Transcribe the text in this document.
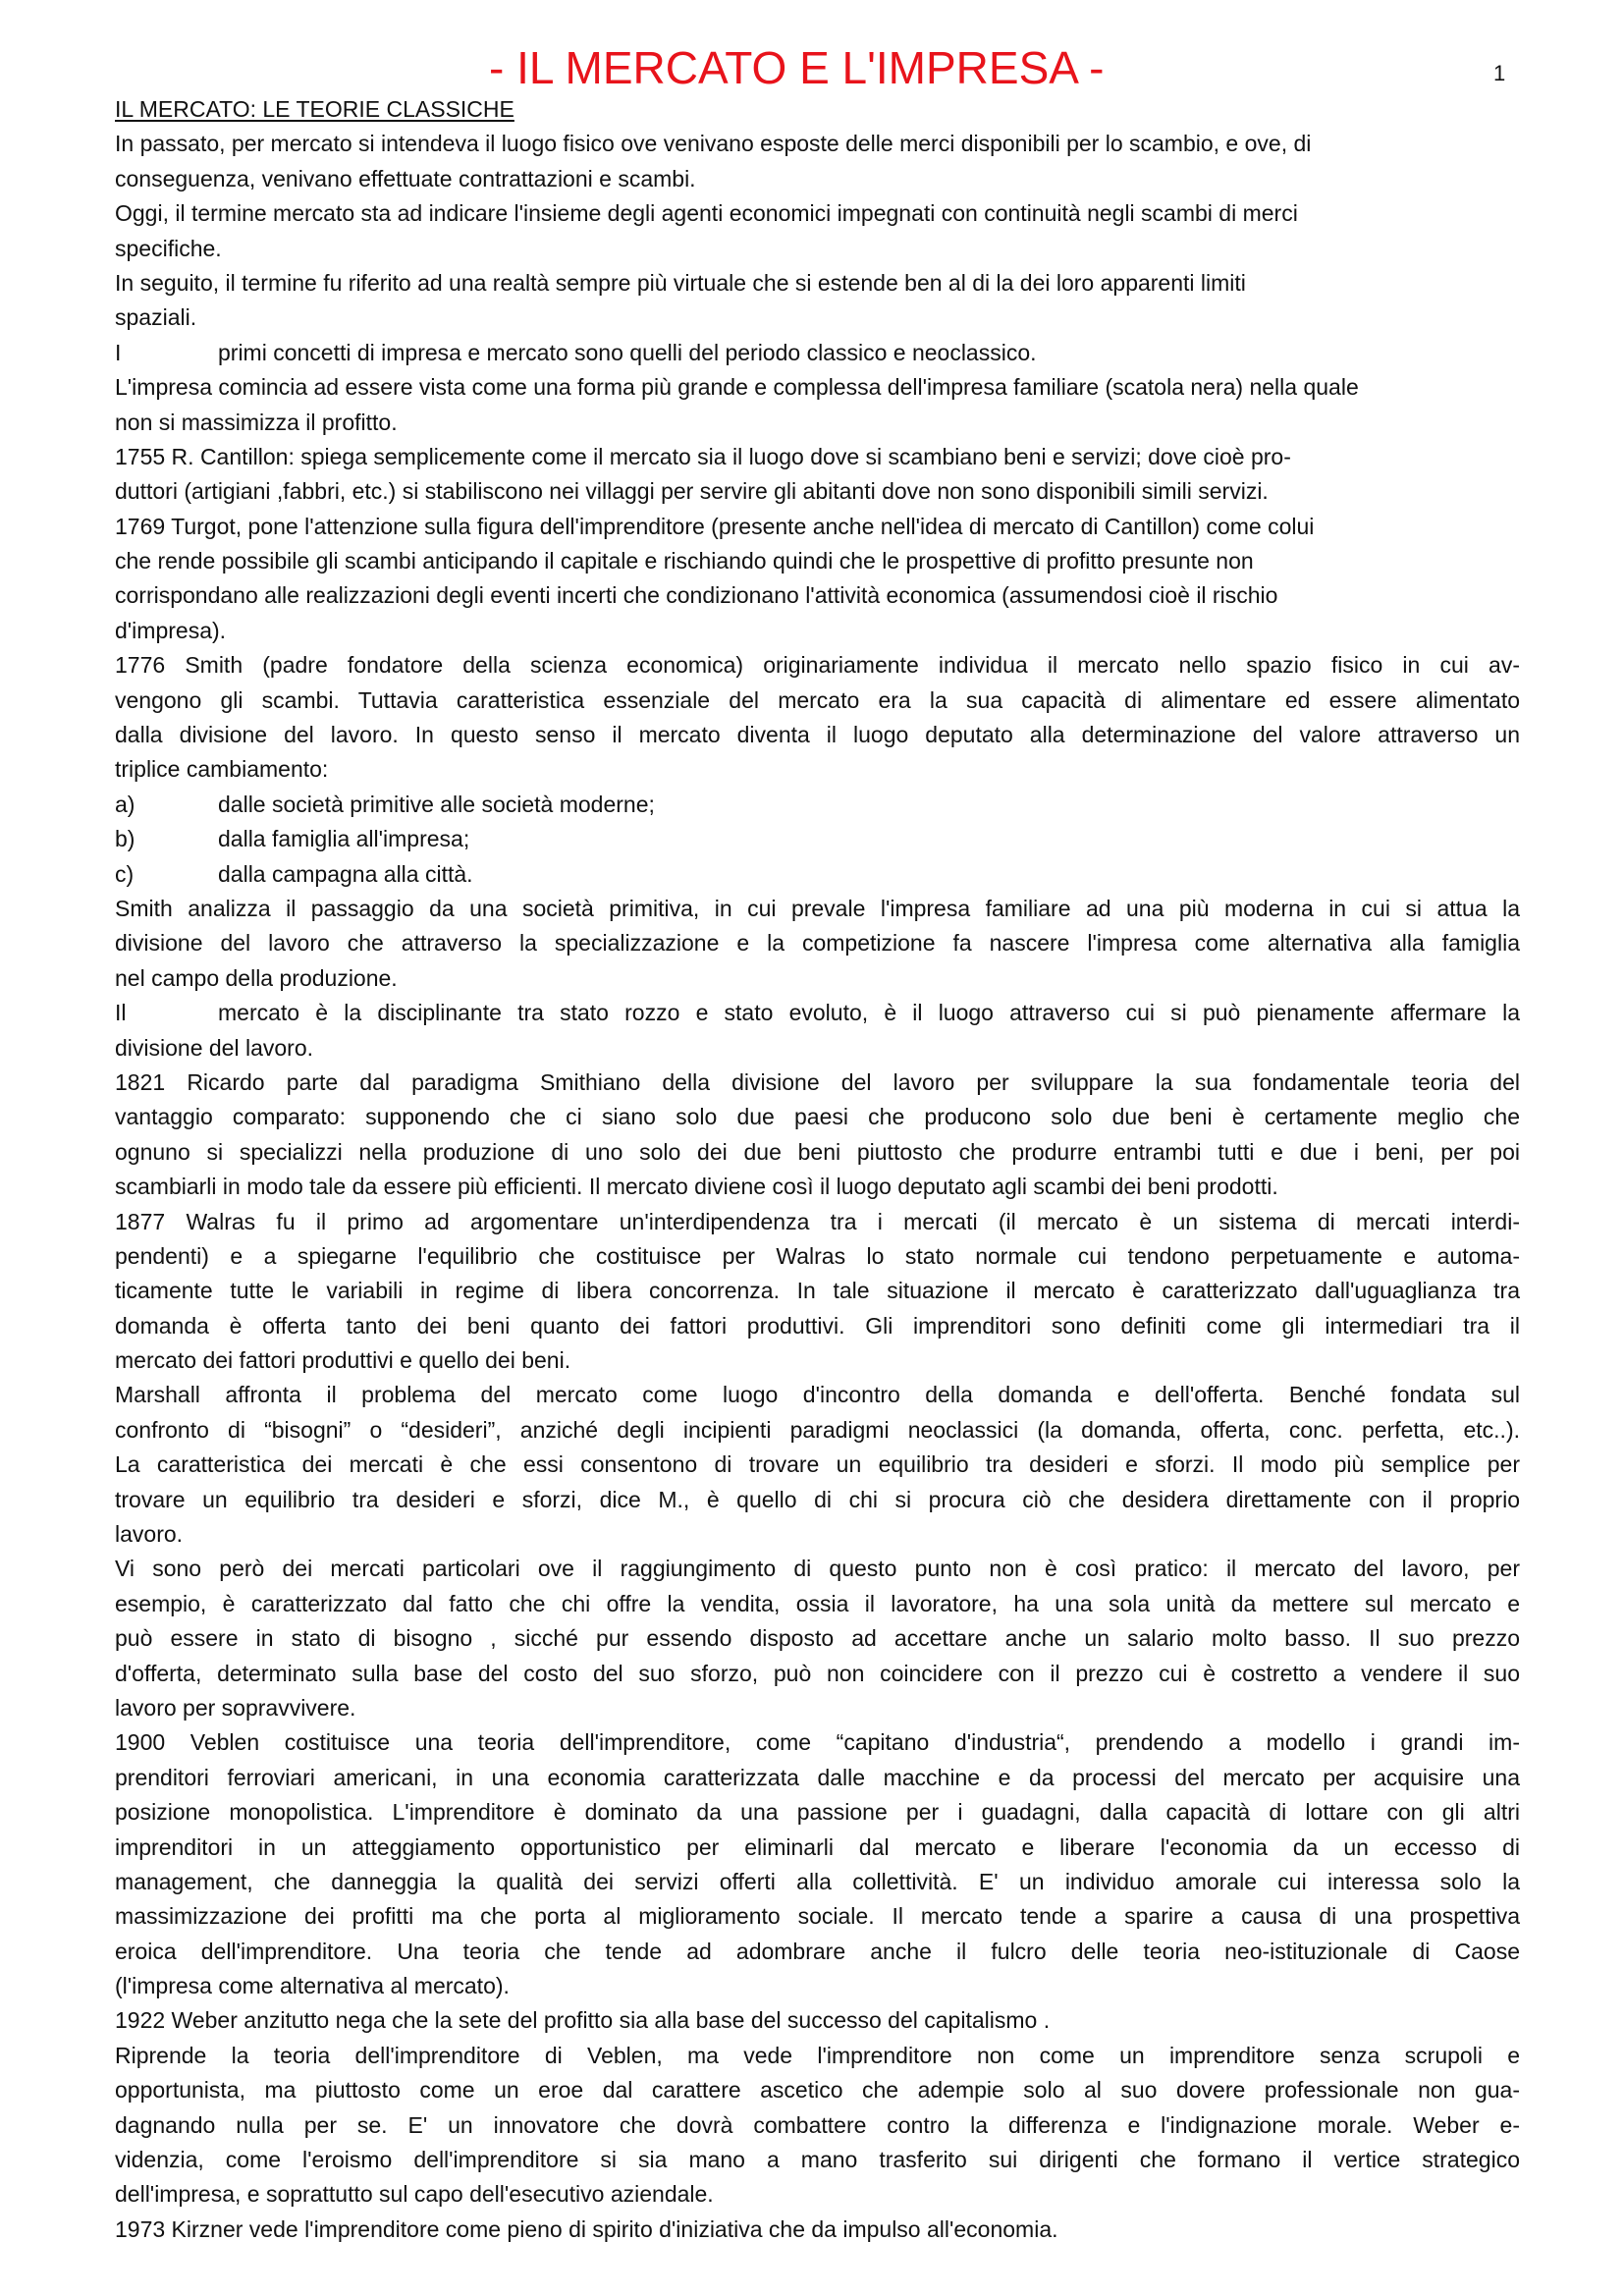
- IL MERCATO E L'IMPRESA -	1
IL MERCATO: LE TEORIE CLASSICHE
In passato, per mercato si intendeva il luogo fisico ove venivano esposte delle merci disponibili per lo scambio, e ove, di
conseguenza, venivano effettuate contrattazioni e scambi.
Oggi, il termine mercato sta ad indicare l'insieme degli agenti economici impegnati con continuità negli scambi di merci
specifiche.
In seguito, il termine fu riferito ad una realtà sempre più virtuale che si estende ben al di la dei loro apparenti limiti
spaziali.
I	primi concetti di impresa e mercato sono quelli del periodo classico e neoclassico.
L'impresa comincia ad essere vista come una forma più grande e complessa dell'impresa familiare (scatola nera) nella quale
non si massimizza il profitto.
1755 R. Cantillon: spiega semplicemente come il mercato sia il luogo dove si scambiano beni e servizi; dove cioè pro-
duttori (artigiani ,fabbri, etc.) si stabiliscono nei villaggi per servire gli abitanti dove non sono disponibili simili servizi.
1769 Turgot, pone l'attenzione sulla figura dell'imprenditore (presente anche nell'idea di mercato di Cantillon) come colui
che rende possibile gli scambi anticipando il capitale e rischiando quindi che le prospettive di profitto presunte non
corrispondano alle realizzazioni degli eventi incerti che condizionano l'attività economica (assumendosi cioè il rischio
d'impresa).
1776 Smith (padre fondatore della scienza economica) originariamente individua il mercato nello spazio fisico in cui av-
vengono gli scambi. Tuttavia caratteristica essenziale del mercato era la sua capacità di alimentare ed essere alimentato
dalla divisione del lavoro. In questo senso il mercato diventa il luogo deputato alla determinazione del valore attraverso un
triplice cambiamento:
a)	dalle società primitive alle società moderne;
b)	dalla famiglia all'impresa;
c)	dalla campagna alla città.
Smith analizza il passaggio da una società primitiva, in cui prevale l'impresa familiare ad una più moderna in cui si attua la
divisione del lavoro che attraverso la specializzazione e la competizione fa nascere l'impresa come alternativa alla famiglia
nel campo della produzione.
Il	mercato è la disciplinante tra stato rozzo e stato evoluto, è il luogo attraverso cui si può pienamente affermare la
divisione del lavoro.
1821 Ricardo parte dal paradigma Smithiano della divisione del lavoro per sviluppare la sua fondamentale teoria del
vantaggio comparato: supponendo che ci siano solo due paesi che producono solo due beni è certamente meglio che
ognuno si specializzi nella produzione di uno solo dei due beni piuttosto che produrre entrambi tutti e due i beni, per poi
scambiarli in modo tale da essere più efficienti. Il mercato diviene così il luogo deputato agli scambi dei beni prodotti.
1877 Walras fu il primo ad argomentare un'interdipendenza tra i mercati (il mercato è un sistema di mercati interdi-
pendenti) e a spiegarne l'equilibrio che costituisce per Walras lo stato normale cui tendono perpetuamente e automa-
ticamente tutte le variabili in regime di libera concorrenza. In tale situazione il mercato è caratterizzato dall'uguaglianza tra
domanda è offerta tanto dei beni quanto dei fattori produttivi. Gli imprenditori sono definiti come gli intermediari tra il
mercato dei fattori produttivi e quello dei beni.
Marshall affronta il problema del mercato come luogo d'incontro della domanda e dell'offerta. Benché fondata sul
confronto di “bisogni” o “desideri”, anziché degli incipienti paradigmi neoclassici (la domanda, offerta, conc. perfetta, etc..).
La caratteristica dei mercati è che essi consentono di trovare un equilibrio tra desideri e sforzi. Il modo più semplice per
trovare un equilibrio tra desideri e sforzi, dice M., è quello di chi si procura ciò che desidera direttamente con il proprio
lavoro.
Vi sono però dei mercati particolari ove il raggiungimento di questo punto non è così pratico: il mercato del lavoro, per
esempio, è caratterizzato dal fatto che chi offre la vendita, ossia il lavoratore, ha una sola unità da mettere sul mercato e
può essere in stato di bisogno , sicché pur essendo disposto ad accettare anche un salario molto basso. Il suo prezzo
d'offerta, determinato sulla base del costo del suo sforzo, può non coincidere con il prezzo cui è costretto a vendere il suo
lavoro per sopravvivere.
1900 Veblen costituisce una teoria dell'imprenditore, come “capitano d'industria“, prendendo a modello i grandi im-
prenditori ferroviari americani, in una economia caratterizzata dalle macchine e da processi del mercato per acquisire una
posizione monopolistica. L'imprenditore è dominato da una passione per i guadagni, dalla capacità di lottare con gli altri
imprenditori in un atteggiamento opportunistico per eliminarli dal mercato e liberare l'economia da un eccesso di
management, che danneggia la qualità dei servizi offerti alla collettività. E' un individuo amorale cui interessa solo la
massimizzazione dei profitti ma che porta al miglioramento sociale. Il mercato tende a sparire a causa di una prospettiva
eroica dell'imprenditore. Una teoria che tende ad adombrare anche il fulcro delle teoria neo-istituzionale di Caose
(l'impresa come alternativa al mercato).
1922 Weber anzitutto nega che la sete del profitto sia alla base del successo del capitalismo .
Riprende la teoria dell'imprenditore di Veblen, ma vede l'imprenditore non come un imprenditore senza scrupoli e
opportunista, ma piuttosto come un eroe dal carattere ascetico che adempie solo al suo dovere professionale non gua-
dagnando nulla per se. E' un innovatore che dovrà combattere contro la differenza e l'indignazione morale. Weber e-
videnzia, come l'eroismo dell'imprenditore si sia mano a mano trasferito sui dirigenti che formano il vertice strategico
dell'impresa, e soprattutto sul capo dell'esecutivo aziendale.
1973 Kirzner vede l'imprenditore come pieno di spirito d'iniziativa che da impulso all'economia.
